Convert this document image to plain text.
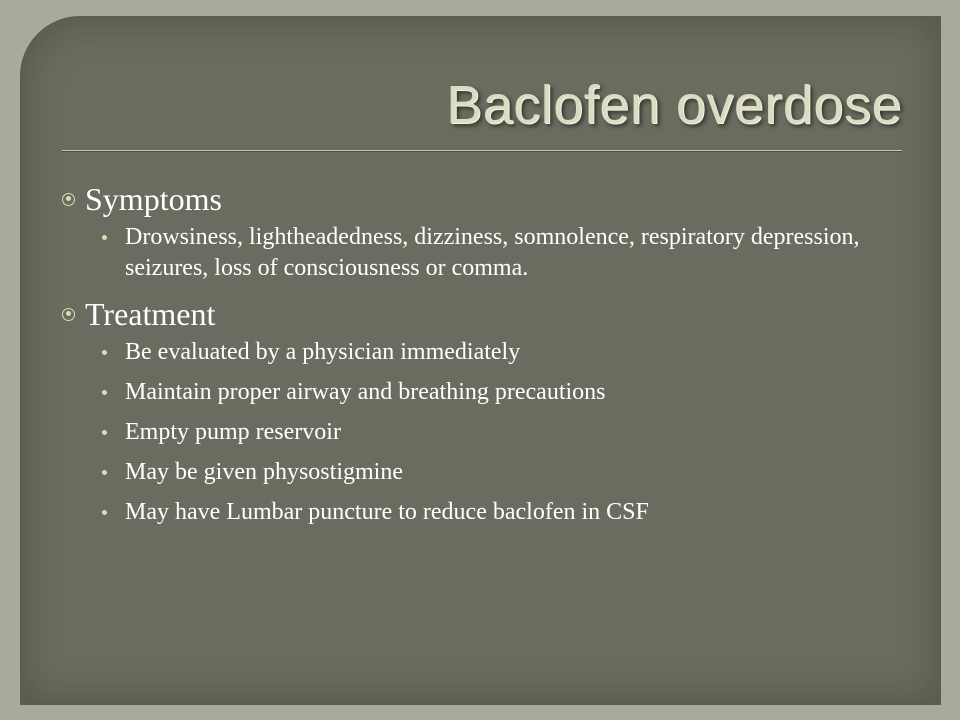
Baclofen overdose
Symptoms
Drowsiness, lightheadedness, dizziness, somnolence, respiratory depression, seizures, loss of consciousness or comma.
Treatment
Be evaluated by a physician immediately
Maintain proper airway and breathing precautions
Empty pump reservoir
May be given physostigmine
May have Lumbar puncture to reduce baclofen in CSF
